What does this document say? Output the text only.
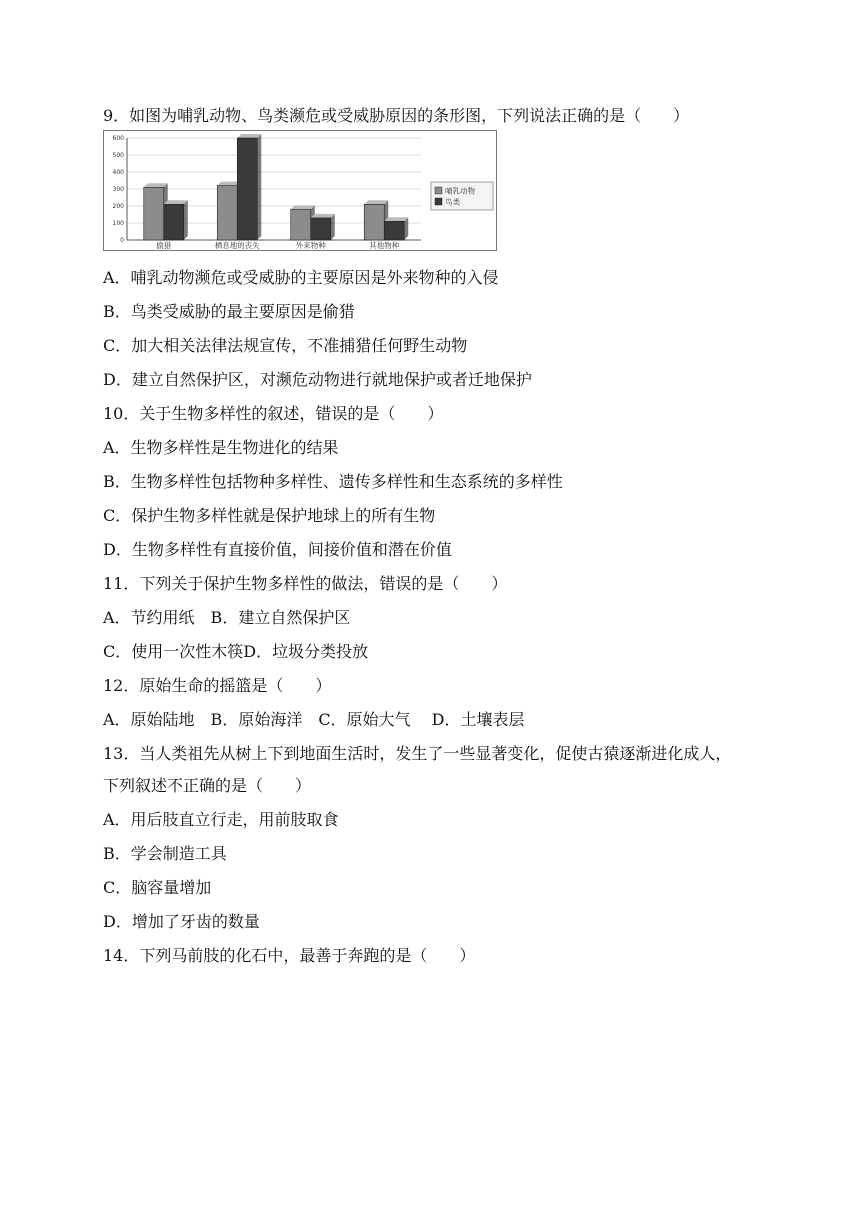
9．如图为哺乳动物、鸟类濒危或受威胁原因的条形图，下列说法正确的是（　　）
0
100
200
300
400
500
600
偷猎	栖息地的丧失	外来物种	其他物种
哺乳动物
鸟类
A．哺乳动物濒危或受威胁的主要原因是外来物种的入侵
B．鸟类受威胁的最主要原因是偷猎
C．加大相关法律法规宣传，不准捕猎任何野生动物
D．建立自然保护区，对濒危动物进行就地保护或者迁地保护
10．关于生物多样性的叙述，错误的是（　　）
A．生物多样性是生物进化的结果
B．生物多样性包括物种多样性、遗传多样性和生态系统的多样性
C．保护生物多样性就是保护地球上的所有生物
D．生物多样性有直接价值，间接价值和潜在价值
11．下列关于保护生物多样性的做法，错误的是（　　）
A．节约用纸　B．建立自然保护区
C．使用一次性木筷D．垃圾分类投放
12．原始生命的摇篮是（　　）
A．原始陆地　B．原始海洋　C．原始大气　 D．土壤表层
13．当人类祖先从树上下到地面生活时，发生了一些显著变化，促使古猿逐渐进化成人，
下列叙述不正确的是（　　）
A．用后肢直立行走，用前肢取食
B．学会制造工具
C．脑容量增加
D．增加了牙齿的数量
14．下列马前肢的化石中，最善于奔跑的是（　　）
